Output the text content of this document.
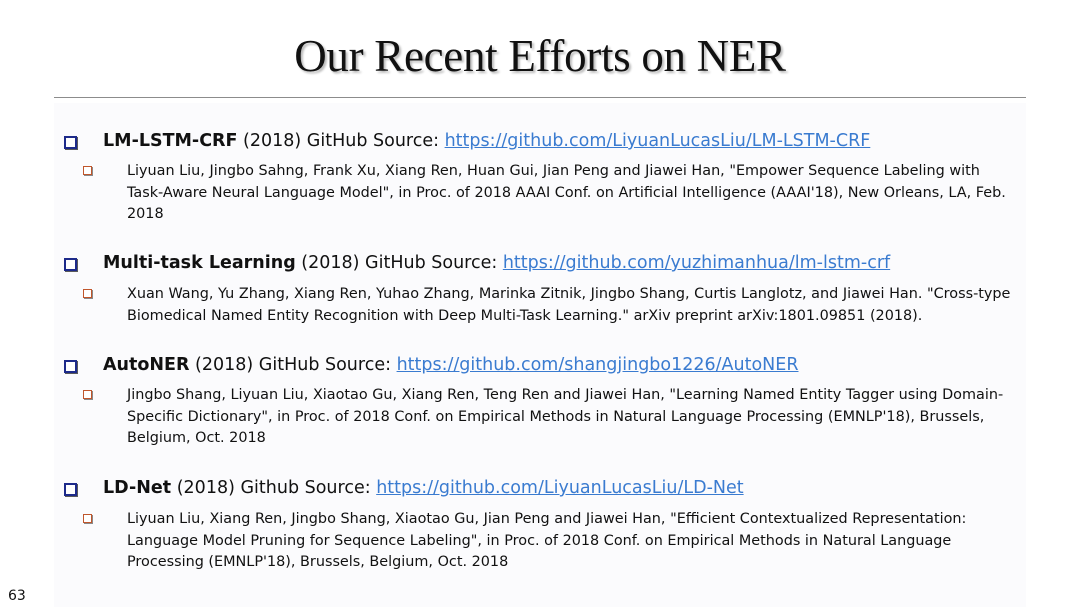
Our Recent Efforts on NER
LM-LSTM-CRF (2018) GitHub Source: https://github.com/LiyuanLucasLiu/LM-LSTM-CRF
Liyuan Liu, Jingbo Sahng, Frank Xu, Xiang Ren, Huan Gui, Jian Peng and Jiawei Han, "Empower Sequence Labeling with
Task-Aware Neural Language Model", in Proc. of 2018 AAAI Conf. on Artificial Intelligence (AAAI'18), New Orleans, LA, Feb.
2018
Multi-task Learning (2018) GitHub Source: https://github.com/yuzhimanhua/lm-lstm-crf
Xuan Wang, Yu Zhang, Xiang Ren, Yuhao Zhang, Marinka Zitnik, Jingbo Shang, Curtis Langlotz, and Jiawei Han. "Cross-type
Biomedical Named Entity Recognition with Deep Multi-Task Learning." arXiv preprint arXiv:1801.09851 (2018).
AutoNER (2018) GitHub Source: https://github.com/shangjingbo1226/AutoNER
Jingbo Shang, Liyuan Liu, Xiaotao Gu, Xiang Ren, Teng Ren and Jiawei Han, "Learning Named Entity Tagger using Domain-
Specific Dictionary", in Proc. of 2018 Conf. on Empirical Methods in Natural Language Processing (EMNLP'18), Brussels,
Belgium, Oct. 2018
LD-Net (2018) Github Source: https://github.com/LiyuanLucasLiu/LD-Net
Liyuan Liu, Xiang Ren, Jingbo Shang, Xiaotao Gu, Jian Peng and Jiawei Han, "Efficient Contextualized Representation:
Language Model Pruning for Sequence Labeling", in Proc. of 2018 Conf. on Empirical Methods in Natural Language
Processing (EMNLP'18), Brussels, Belgium, Oct. 2018
63
